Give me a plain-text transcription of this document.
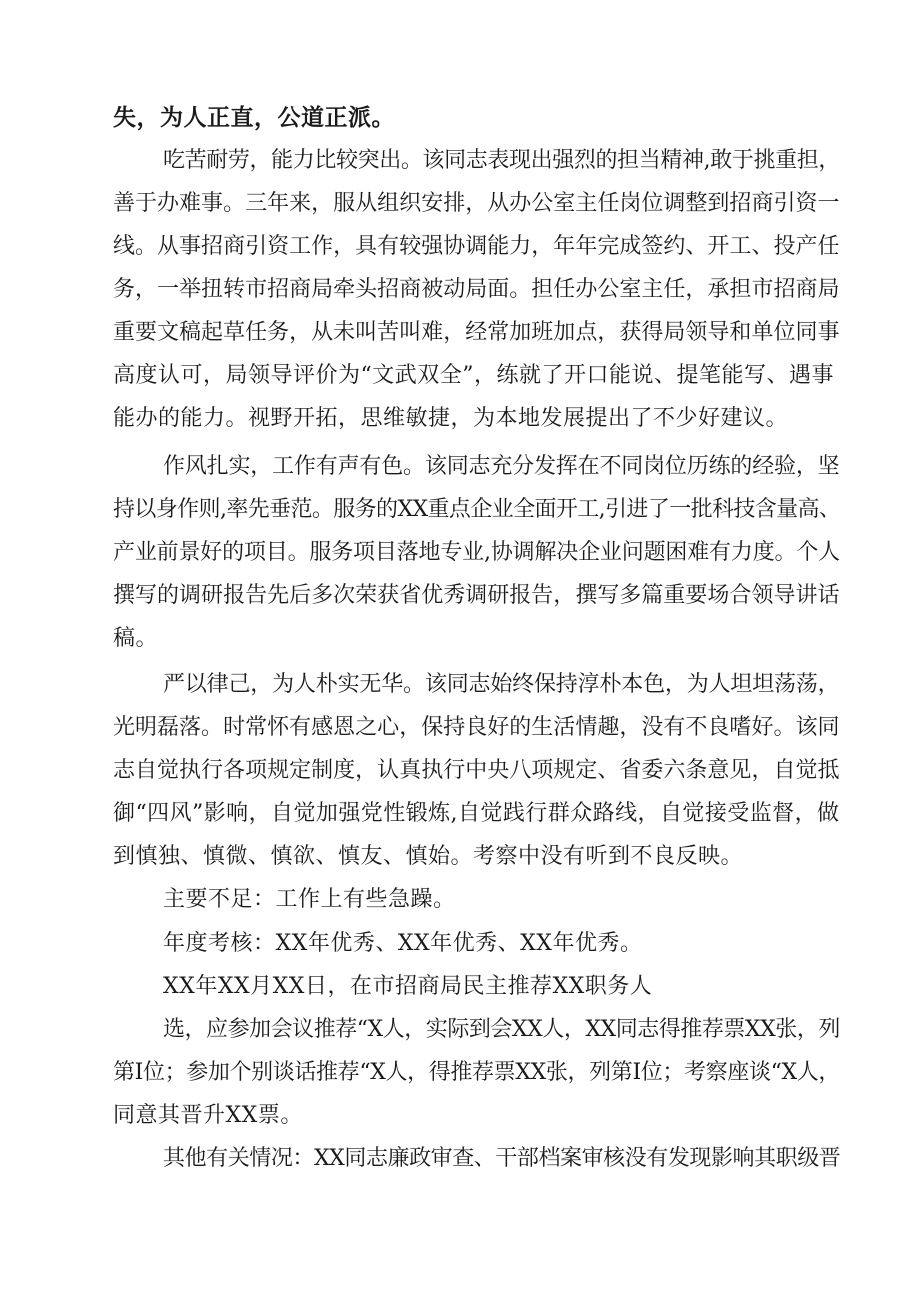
失，为人正直，公道正派。
吃苦耐劳，能力比较突出。该同志表现出强烈的担当精神,敢于挑重担，
善于办难事。三年来，服从组织安排，从办公室主任岗位调整到招商引资一
线。从事招商引资工作，具有较强协调能力，年年完成签约、开工、投产任
务，一举扭转市招商局牵头招商被动局面。担任办公室主任，承担市招商局
重要文稿起草任务，从未叫苦叫难，经常加班加点，获得局领导和单位同事
高度认可，局领导评价为“文武双全”，练就了开口能说、提笔能写、遇事
能办的能力。视野开拓，思维敏捷，为本地发展提出了不少好建议。
作风扎实，工作有声有色。该同志充分发挥在不同岗位历练的经验，坚
持以身作则,率先垂范。服务的XX重点企业全面开工,引进了一批科技含量高、
产业前景好的项目。服务项目落地专业,协调解决企业问题困难有力度。个人
撰写的调研报告先后多次荣获省优秀调研报告，撰写多篇重要场合领导讲话
稿。
严以律己，为人朴实无华。该同志始终保持淳朴本色，为人坦坦荡荡，
光明磊落。时常怀有感恩之心，保持良好的生活情趣，没有不良嗜好。该同
志自觉执行各项规定制度，认真执行中央八项规定、省委六条意见，自觉抵
御“四风”影响，自觉加强党性锻炼,自觉践行群众路线，自觉接受监督，做
到慎独、慎微、慎欲、慎友、慎始。考察中没有听到不良反映。
主要不足：工作上有些急躁。
年度考核：XX年优秀、XX年优秀、XX年优秀。
XX年XX月XX日，在市招商局民主推荐XX职务人
选，应参加会议推荐“X人，实际到会XX人，XX同志得推荐票XX张，列
第I位；参加个别谈话推荐“X人，得推荐票XX张，列第I位；考察座谈“X人，
同意其晋升XX票。
其他有关情况：XX同志廉政审查、干部档案审核没有发现影响其职级晋
